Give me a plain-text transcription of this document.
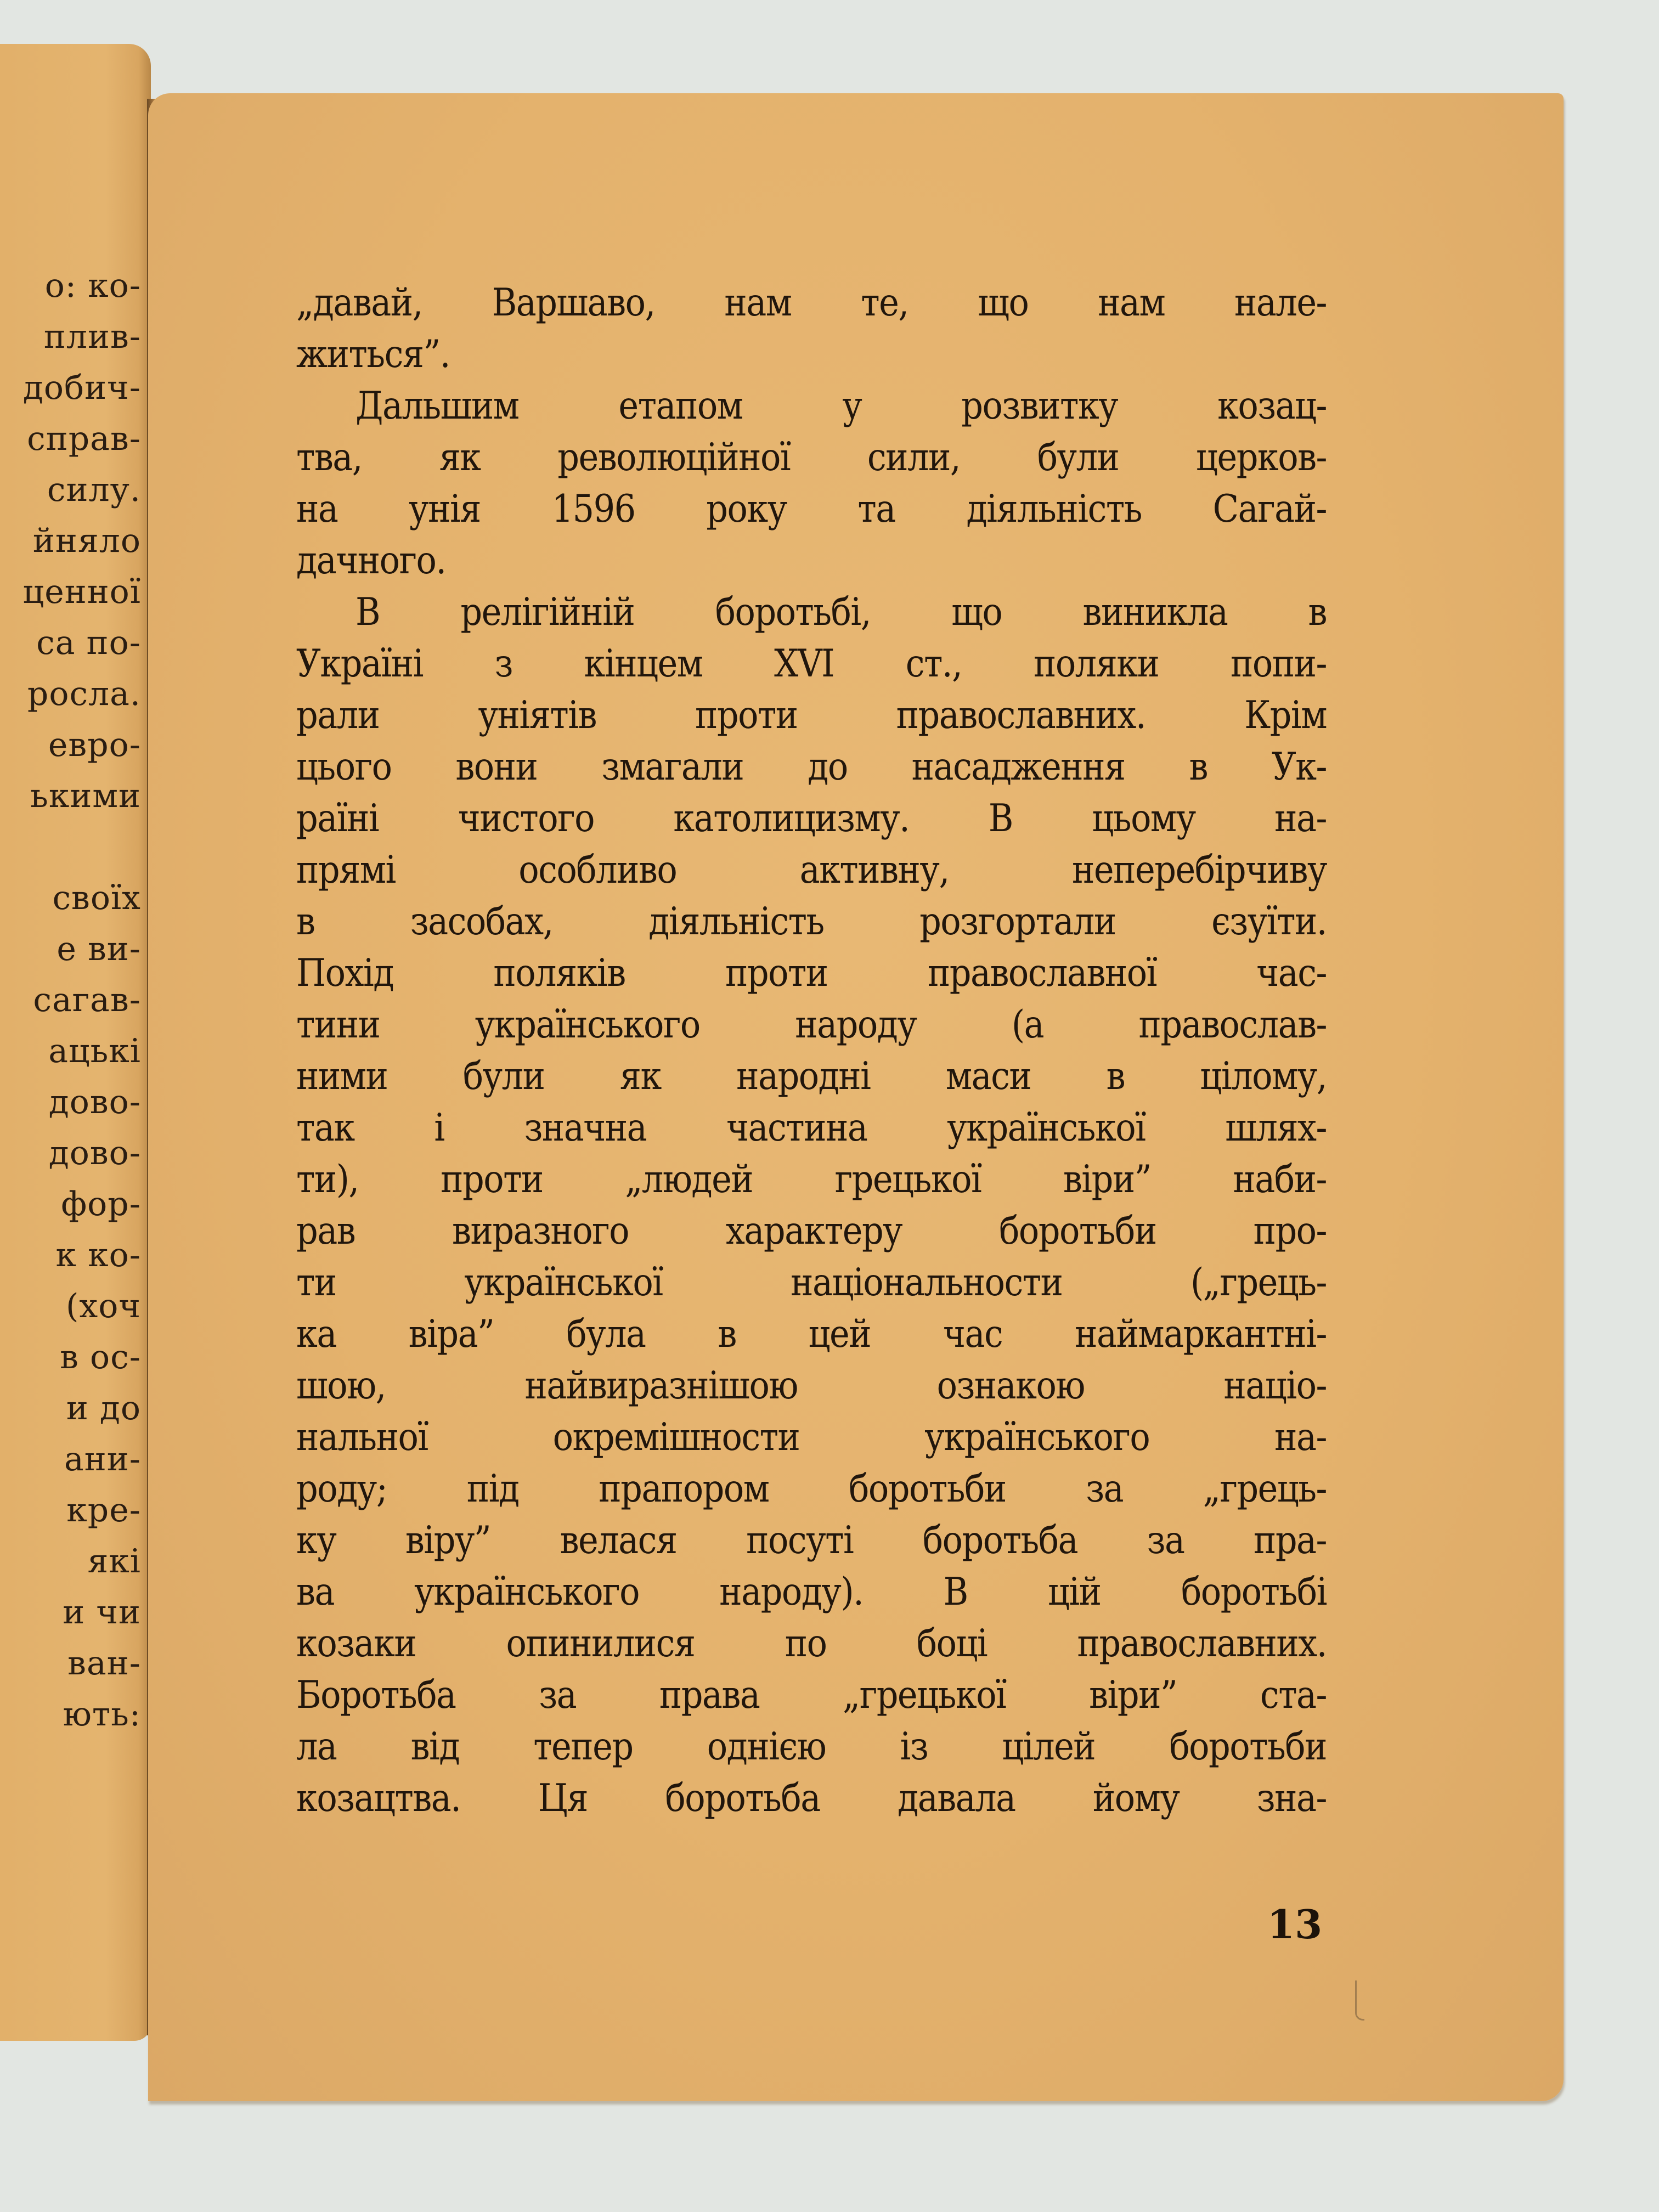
о: ко-
плив-
добич-
справ-
силу.
йняло
ценної
са по-
росла.
евро-
ькими
своїх
е ви-
сагав-
ацькі
дово-
дово-
фор-
к ко-
(хоч
в ос-
и до
ани-
кре-
які
и чи
ван-
ють:
„давай, Варшаво, нам те, що нам нале-
житься”.
Дальшим етапом у розвитку козац-
тва, як революційної сили, були церков-
на унія 1596 року та діяльність Сагай-
дачного.
В релігійній боротьбі, що виникла в
Україні з кінцем XVI ст., поляки попи-
рали уніятів проти православних. Крім
цього вони змагали до насадження в Ук-
раїні чистого католицизму. В цьому на-
прямі особливо активну, неперебірчиву
в засобах, діяльність розгортали єзуїти.
Похід поляків проти православної час-
тини українського народу (а православ-
ними були як народні маси в цілому,
так і значна частина української шлях-
ти), проти „людей грецької віри” наби-
рав виразного характеру боротьби про-
ти української національности („грець-
ка віра” була в цей час наймаркантні-
шою, найвиразнішою ознакою націо-
нальної окремішности українського на-
роду; під прапором боротьби за „грець-
ку віру” велася посуті боротьба за пра-
ва українського народу). В цій боротьбі
козаки опинилися по боці православних.
Боротьба за права „грецької віри” ста-
ла від тепер однією із цілей боротьби
козацтва. Ця боротьба давала йому зна-
13
